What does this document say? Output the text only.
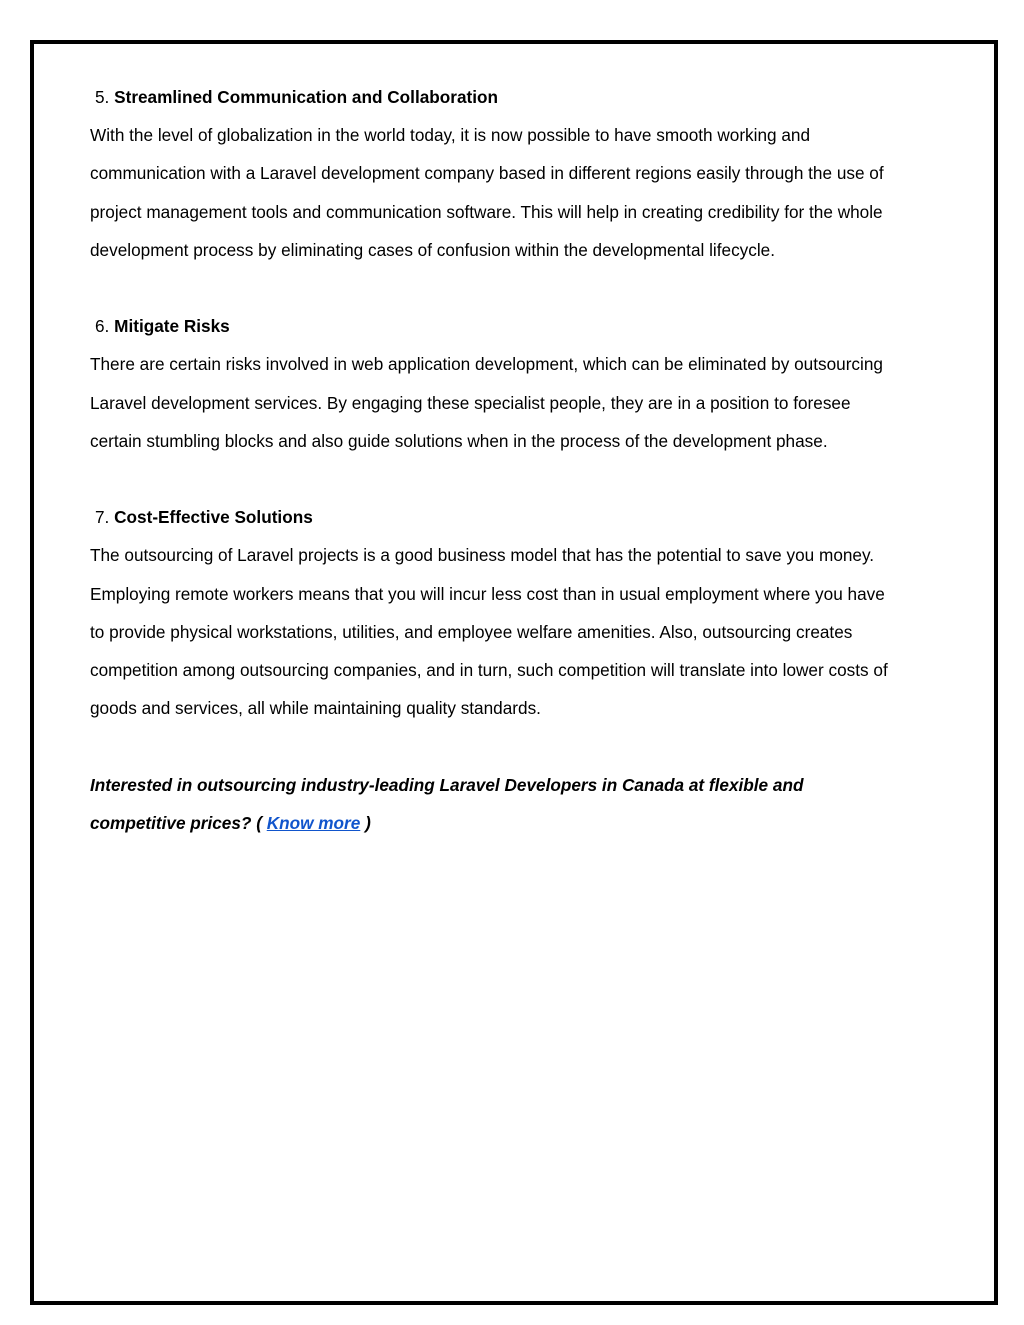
5. Streamlined Communication and Collaboration

With the level of globalization in the world today, it is now possible to have smooth working and communication with a Laravel development company based in different regions easily through the use of project management tools and communication software. This will help in creating credibility for the whole development process by eliminating cases of confusion within the developmental lifecycle.

6. Mitigate Risks

There are certain risks involved in web application development, which can be eliminated by outsourcing Laravel development services. By engaging these specialist people, they are in a position to foresee certain stumbling blocks and also guide solutions when in the process of the development phase.

7. Cost-Effective Solutions

The outsourcing of Laravel projects is a good business model that has the potential to save you money. Employing remote workers means that you will incur less cost than in usual employment where you have to provide physical workstations, utilities, and employee welfare amenities. Also, outsourcing creates competition among outsourcing companies, and in turn, such competition will translate into lower costs of goods and services, all while maintaining quality standards.

Interested in outsourcing industry-leading Laravel Developers in Canada at flexible and competitive prices? ( Know more )
